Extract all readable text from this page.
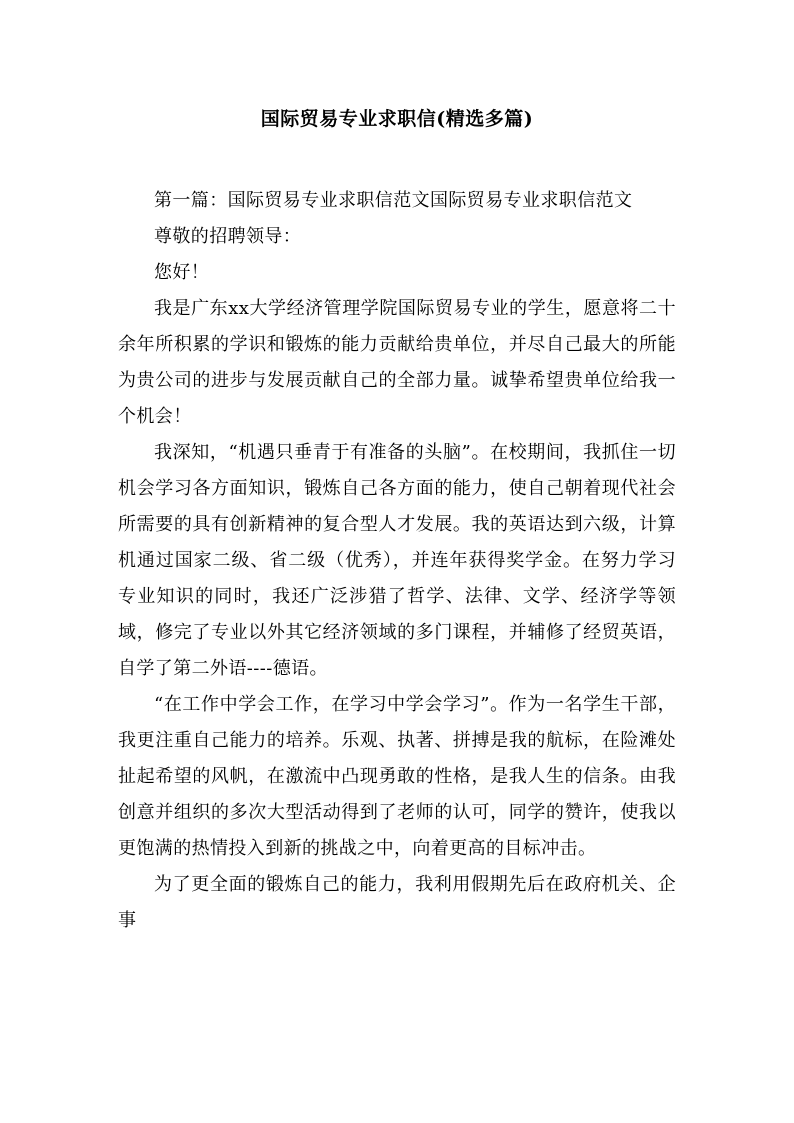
国际贸易专业求职信(精选多篇)

第一篇：国际贸易专业求职信范文国际贸易专业求职信范文

尊敬的招聘领导：

您好！

我是广东xx大学经济管理学院国际贸易专业的学生，愿意将二十余年所积累的学识和锻炼的能力贡献给贵单位，并尽自己最大的所能为贵公司的进步与发展贡献自己的全部力量。诚挚希望贵单位给我一个机会！

我深知，“机遇只垂青于有准备的头脑”。在校期间，我抓住一切机会学习各方面知识，锻炼自己各方面的能力，使自己朝着现代社会所需要的具有创新精神的复合型人才发展。我的英语达到六级，计算机通过国家二级、省二级（优秀），并连年获得奖学金。在努力学习专业知识的同时，我还广泛涉猎了哲学、法律、文学、经济学等领域，修完了专业以外其它经济领域的多门课程，并辅修了经贸英语，自学了第二外语----德语。

“在工作中学会工作，在学习中学会学习”。作为一名学生干部，我更注重自己能力的培养。乐观、执著、拼搏是我的航标，在险滩处扯起希望的风帆，在激流中凸现勇敢的性格，是我人生的信条。由我创意并组织的多次大型活动得到了老师的认可，同学的赞许，使我以更饱满的热情投入到新的挑战之中，向着更高的目标冲击。

为了更全面的锻炼自己的能力，我利用假期先后在政府机关、企事
